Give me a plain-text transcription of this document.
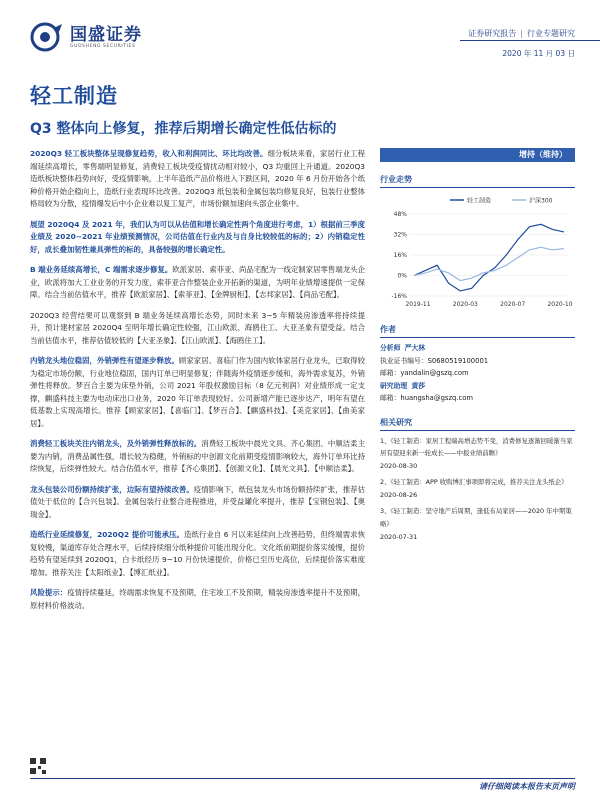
国盛证券
GUOSHENG SECURITIES
证券研究报告 | 行业专题研究
2020 年 11 月 03 日
轻工制造
Q3 整体向上修复，推荐后期增长确定性低估标的

2020Q3 轻工板块整体呈现修复趋势，收入和利润同比、环比均改善。细分板块来看，家居行业工程端延续高增长，零售端明显修复，消费轻工板块受疫情扰动相对较小，Q3 均重回上升通道。2020Q3 造纸板块整体趋势向好，受疫情影响，上半年造纸产品价格进入下跌区间，2020 年 6 月份开始各个纸种价格开始企稳向上，造纸行业表现环比改善。2020Q3 纸包装和金属包装均修复良好，包装行业整体格局较为分散，疫情爆发后中小企业难以复工复产，市场份额加速向头部企业集中。

展望 2020Q4 及 2021 年，我们认为可以从估值和增长确定性两个角度进行考虑，1）根据前三季度业绩及 2020~2021 年业绩预测情况，公司估值在行业内及与自身比较较低的标的；2）内销稳定性好，成长叠加韧性兼具弹性的标的，具备较强的增长确定性。

B 端业务延续高增长，C 端需求逐步修复。欧派家居、索菲亚、尚品宅配为一线定制家居零售端龙头企业，欧派将加大工业业务的开发力度，索菲亚合作整装企业开拓新的渠道，为明年业绩增速提供一定保障。结合当前估值水平，推荐【欧派家居】、【索菲亚】、【金牌厨柜】、【志邦家居】、【尚品宅配】。

2020Q3 经营结果可以观察到 B 端业务延续高增长态势，同时未来 3~5 年精装房渗透率将持续提升，预计建材家居 2020Q4 至明年增长确定性较强，江山欧派、海鸥住工、大亚圣象有望受益。结合当前估值水平，推荐估值较低的【大亚圣象】、【江山欧派】、【海鸥住工】。

内销龙头地位稳固，外销弹性有望逐步释放。顾家家居、喜临门作为国内软体家居行业龙头，已取得较为稳定市场份额，行业地位稳固，国内订单已明显修复；伴随海外疫情逐步缓和，海外需求复苏，外销弹性将释放。梦百合主要为床垫外销，公司 2021 年股权激励目标（8 亿元利润）对业绩形成一定支撑，麒盛科技主要为电动床出口业务，2020 年订单表现较好。公司新增产能已逐步达产，明年有望在低基数上实现高增长。推荐【顾家家居】、【喜临门】、【梦百合】、【麒盛科技】、【美克家居】、【曲美家居】。

消费轻工板块关注内销龙头，及外销弹性释放标的。消费轻工板块中晨光文具、齐心集团、中顺洁柔主要为内销，消费品属性强，增长较为稳健，外销标的中创源文化前期受疫情影响较大，海外订单环比持续恢复，后续弹性较大。结合估值水平，推荐【齐心集团】、【创源文化】、【晨光文具】、【中顺洁柔】。

龙头包装公司份额持续扩张，边际有望持续改善。疫情影响下，纸包装龙头市场份额持续扩张，推荐估值处于低位的【合兴包装】。金属包装行业整合进程推进，并受益罐化率提升，推荐【宝钢包装】、【奥瑞金】。

造纸行业延续修复，2020Q2 提价可能承压。造纸行业自 6 月以来延续向上改善趋势，但终端需求恢复较慢，渠道库存处合理水平，后续持续细分纸种提价可能出现分化。文化纸前期提价落实缓慢，提价趋势有望延续到 2020Q1，白卡纸经历 9~10 月份快速提价，价格已至历史高位，后续提价落实难度增加。推荐关注【太阳纸业】、【博汇纸业】。

风险提示：疫情持续蔓延，终端需求恢复不及预期，住宅竣工不及预期，精装房渗透率提升不及预期，原材料价格波动。

增持（维持）
行业走势
轻工制造	沪深300
48%
32%
16%
0%
-16%
2019-11	2020-03	2020-07	2020-10
作者
分析师 严大林
执业证书编号：S0680519100001
邮箱：yandalin@gszq.com
研究助理 黄莎
邮箱：huangsha@gszq.com
相关研究
1、《轻工制造：家居工程端高增态势不变，消费修复逐渐回暖渐当家居有望迎来新一轮成长——中报业绩前瞻》
2020-08-30
2、《轻工制造：APP 收购博汇事项即将完成，推荐关注龙头纸企》
2020-08-26
3、《轻工制造：坚守地产后周期，逢低布局家居——2020 年中期策略》
2020-07-31
请仔细阅读本报告末页声明
